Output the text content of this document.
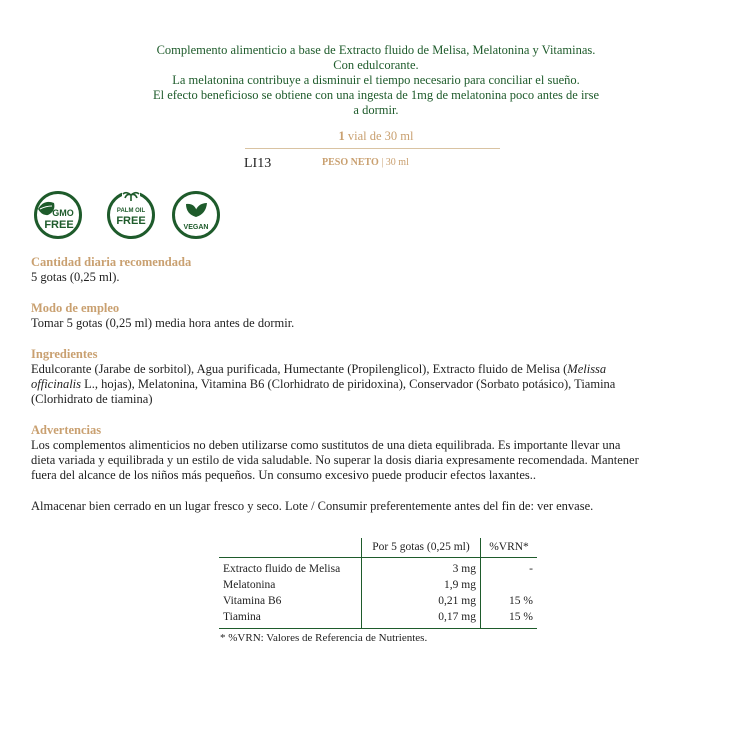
Complemento alimenticio a base de Extracto fluido de Melisa, Melatonina y Vitaminas.
Con edulcorante.
La melatonina contribuye a disminuir el tiempo necesario para conciliar el sueño.
El efecto beneficioso se obtiene con una ingesta de 1mg de melatonina poco antes de irse
a dormir.
1 vial de 30 ml
LI13	PESO NETO | 30 ml
GMO
FREE
PALM OIL
FREE
VEGAN
Cantidad diaria recomendada

5 gotas (0,25 ml).

Modo de empleo

Tomar 5 gotas (0,25 ml) media hora antes de dormir.

Ingredientes

Edulcorante (Jarabe de sorbitol), Agua purificada, Humectante (Propilenglicol), Extracto fluido de Melisa (Melissa
officinalis L., hojas), Melatonina, Vitamina B6 (Clorhidrato de piridoxina), Conservador (Sorbato potásico), Tiamina
(Clorhidrato de tiamina)

Advertencias

Los complementos alimenticios no deben utilizarse como sustitutos de una dieta equilibrada. Es importante llevar una

dieta variada y equilibrada y un estilo de vida saludable. No superar la dosis diaria expresamente recomendada. Mantener

fuera del alcance de los niños más pequeños. Un consumo excesivo puede producir efectos laxantes..

Almacenar bien cerrado en un lugar fresco y seco. Lote / Consumir preferentemente antes del fin de: ver envase.
	Por 5 gotas (0,25 ml)	%VRN*
Extracto fluido de Melisa	3 mg	-
Melatonina	1,9 mg	
Vitamina B6	0,21 mg	15 %
Tiamina	0,17 mg	15 %
* %VRN: Valores de Referencia de Nutrientes.
